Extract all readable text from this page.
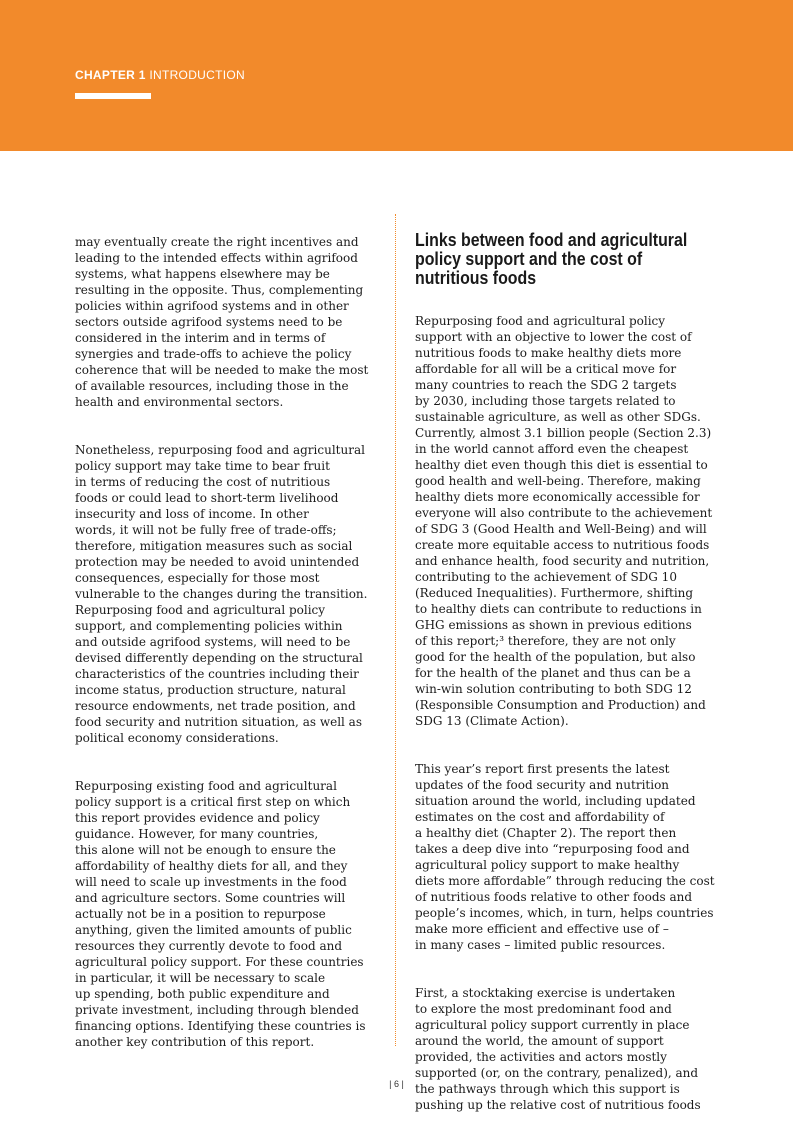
CHAPTER 1 INTRODUCTION

may eventually create the right incentives and
leading to the intended effects within agrifood
systems, what happens elsewhere may be
resulting in the opposite. Thus, complementing
policies within agrifood systems and in other
sectors outside agrifood systems need to be
considered in the interim and in terms of
synergies and trade-offs to achieve the policy
coherence that will be needed to make the most
of available resources, including those in the
health and environmental sectors.

Nonetheless, repurposing food and agricultural
policy support may take time to bear fruit
in terms of reducing the cost of nutritious
foods or could lead to short-term livelihood
insecurity and loss of income. In other
words, it will not be fully free of trade-offs;
therefore, mitigation measures such as social
protection may be needed to avoid unintended
consequences, especially for those most
vulnerable to the changes during the transition.
Repurposing food and agricultural policy
support, and complementing policies within
and outside agrifood systems, will need to be
devised differently depending on the structural
characteristics of the countries including their
income status, production structure, natural
resource endowments, net trade position, and
food security and nutrition situation, as well as
political economy considerations.

Repurposing existing food and agricultural
policy support is a critical first step on which
this report provides evidence and policy
guidance. However, for many countries,
this alone will not be enough to ensure the
affordability of healthy diets for all, and they
will need to scale up investments in the food
and agriculture sectors. Some countries will
actually not be in a position to repurpose
anything, given the limited amounts of public
resources they currently devote to food and
agricultural policy support. For these countries
in particular, it will be necessary to scale
up spending, both public expenditure and
private investment, including through blended
financing options. Identifying these countries is
another key contribution of this report.

Links between food and agricultural
policy support and the cost of
nutritious foods

Repurposing food and agricultural policy
support with an objective to lower the cost of
nutritious foods to make healthy diets more
affordable for all will be a critical move for
many countries to reach the SDG 2 targets
by 2030, including those targets related to
sustainable agriculture, as well as other SDGs.
Currently, almost 3.1 billion people (Section 2.3)
in the world cannot afford even the cheapest
healthy diet even though this diet is essential to
good health and well-being. Therefore, making
healthy diets more economically accessible for
everyone will also contribute to the achievement
of SDG 3 (Good Health and Well-Being) and will
create more equitable access to nutritious foods
and enhance health, food security and nutrition,
contributing to the achievement of SDG 10
(Reduced Inequalities). Furthermore, shifting
to healthy diets can contribute to reductions in
GHG emissions as shown in previous editions
of this report;³ therefore, they are not only
good for the health of the population, but also
for the health of the planet and thus can be a
win-win solution contributing to both SDG 12
(Responsible Consumption and Production) and
SDG 13 (Climate Action).

This year’s report first presents the latest
updates of the food security and nutrition
situation around the world, including updated
estimates on the cost and affordability of
a healthy diet (Chapter 2). The report then
takes a deep dive into “repurposing food and
agricultural policy support to make healthy
diets more affordable” through reducing the cost
of nutritious foods relative to other foods and
people’s incomes, which, in turn, helps countries
make more efficient and effective use of –
in many cases – limited public resources.

First, a stocktaking exercise is undertaken
to explore the most predominant food and
agricultural policy support currently in place
around the world, the amount of support
provided, the activities and actors mostly
supported (or, on the contrary, penalized), and
the pathways through which this support is
pushing up the relative cost of nutritious foods

| 6 |
